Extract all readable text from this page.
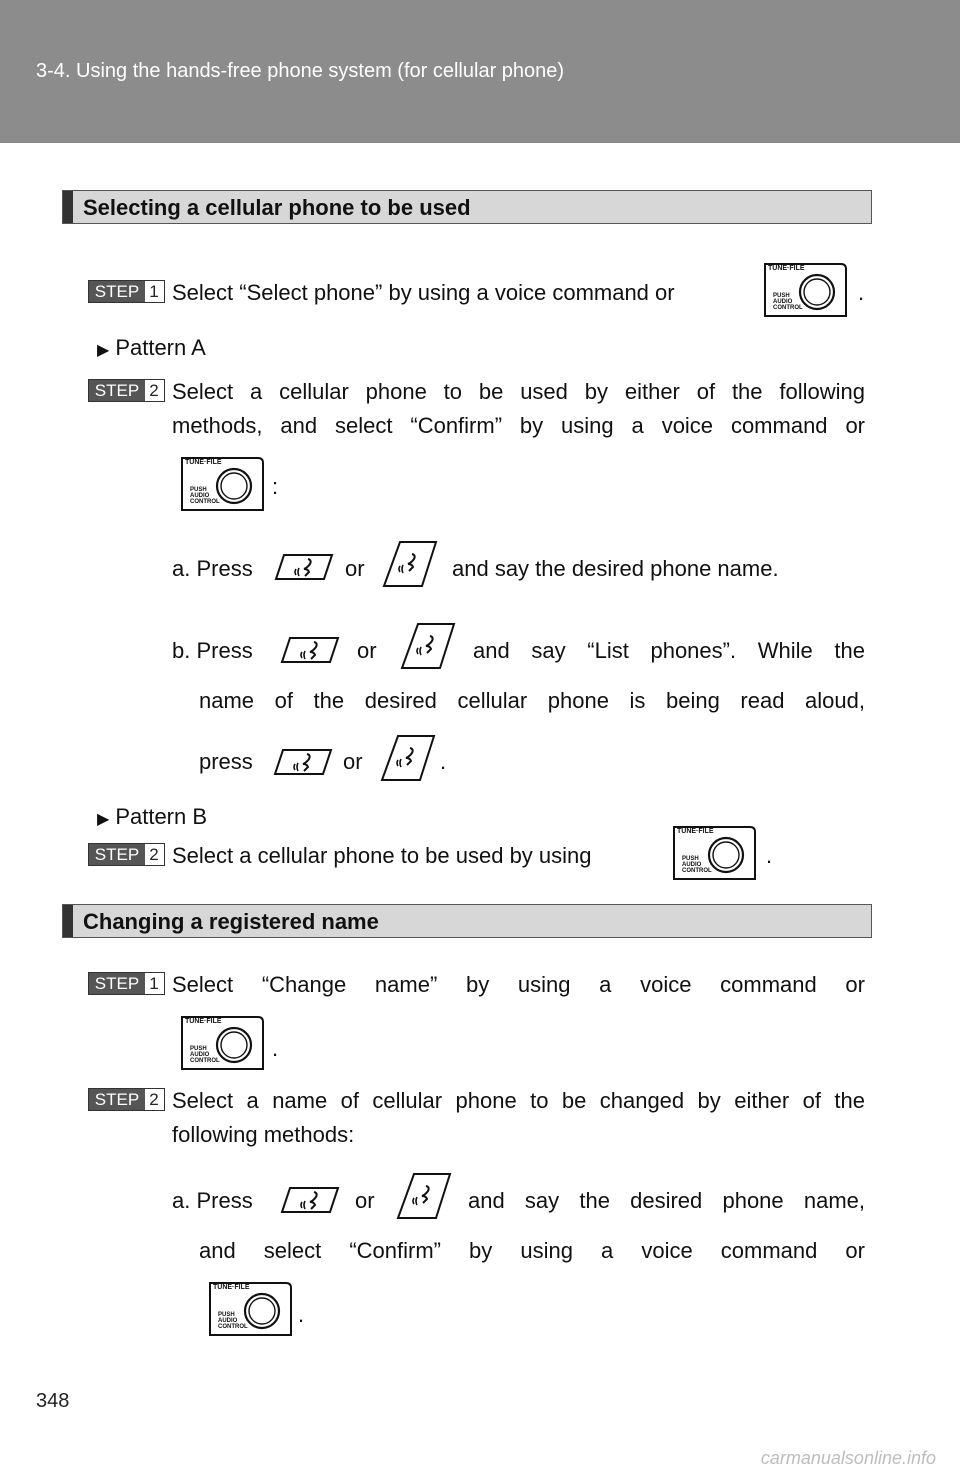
3-4. Using the hands-free phone system (for cellular phone)
Selecting a cellular phone to be used
STEP 1 Select “Select phone” by using a voice command or
TUNE·FILE
PUSH
AUDIO
CONTROL
.
▶ Pattern A
STEP 2 Select a cellular phone to be used by either of the following
methods, and select “Confirm” by using a voice command or
TUNE·FILE
PUSH
AUDIO
CONTROL
:
a. Press	or	and say the desired phone name.
b. Press	or	and say “List phones”. While the
name of the desired cellular phone is being read aloud,
press	or	.
▶ Pattern B
STEP 2 Select a cellular phone to be used by using
TUNE·FILE
PUSH
AUDIO
CONTROL
.
Changing a registered name
STEP 1 Select “Change name” by using a voice command or
TUNE·FILE
PUSH
AUDIO
CONTROL .
STEP 2 Select a name of cellular phone to be changed by either of the
following methods:
a. Press	or	and say the desired phone name,
and select “Confirm” by using a voice command or
TUNE·FILE
PUSH
AUDIO
CONTROL .
348
carmanualsonline.info
